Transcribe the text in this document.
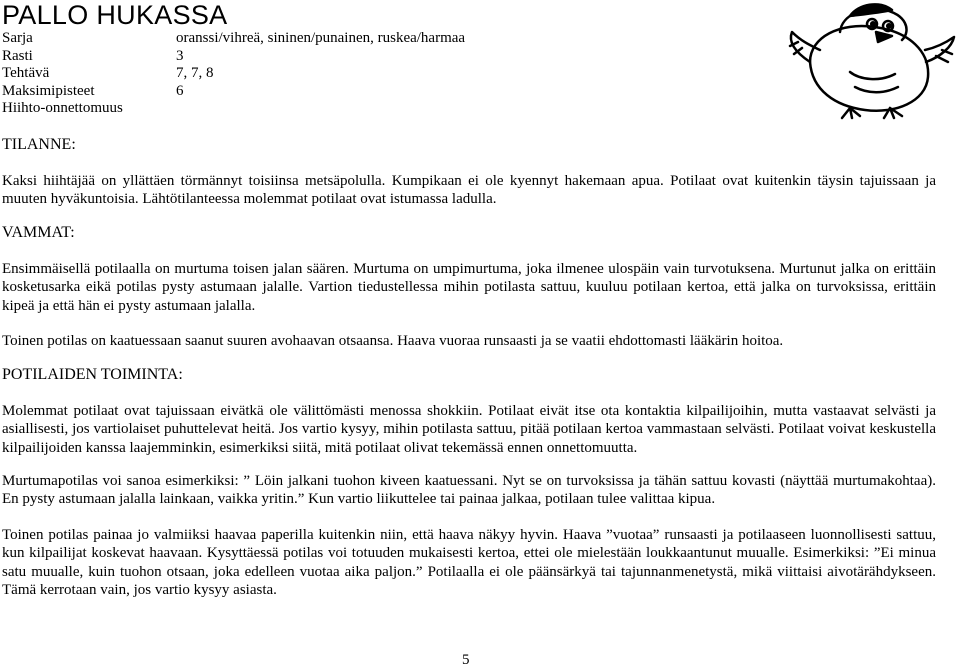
PALLO HUKASSA
Sarja	oranssi/vihreä, sininen/punainen, ruskea/harmaa
Rasti	3
Tehtävä	7, 7, 8
Maksimipisteet	6
Hiihto-onnettomuus
TILANNE:

Kaksi hiihtäjää on yllättäen törmännyt toisiinsa metsäpolulla. Kumpikaan ei ole kyennyt hakemaan apua. Potilaat ovat kuitenkin täysin tajuissaan ja muuten hyväkuntoisia. Lähtötilanteessa molemmat potilaat ovat istumassa ladulla.

VAMMAT:

Ensimmäisellä potilaalla on murtuma toisen jalan säären. Murtuma on umpimurtuma, joka ilmenee ulospäin vain turvotuksena. Murtunut jalka on erittäin kosketusarka eikä potilas pysty astumaan jalalle. Vartion tiedustellessa mihin potilasta sattuu, kuuluu potilaan kertoa, että jalka on turvoksissa, erittäin kipeä ja että hän ei pysty astumaan jalalla.

Toinen potilas on kaatuessaan saanut suuren avohaavan otsaansa. Haava vuoraa runsaasti ja se vaatii ehdottomasti lääkärin hoitoa.

POTILAIDEN TOIMINTA:

Molemmat potilaat ovat tajuissaan eivätkä ole välittömästi menossa shokkiin. Potilaat eivät itse ota kontaktia kilpailijoihin, mutta vastaavat selvästi ja asiallisesti, jos vartiolaiset puhuttelevat heitä. Jos vartio kysyy, mihin potilasta sattuu, pitää potilaan kertoa vammastaan selvästi. Potilaat voivat keskustella kilpailijoiden kanssa laajemminkin, esimerkiksi siitä, mitä potilaat olivat tekemässä ennen onnettomuutta.

Murtumapotilas voi sanoa esimerkiksi: ” Löin jalkani tuohon kiveen kaatuessani. Nyt se on turvoksissa ja tähän sattuu kovasti (näyttää murtumakohtaa). En pysty astumaan jalalla lainkaan, vaikka yritin.” Kun vartio liikuttelee tai painaa jalkaa, potilaan tulee valittaa kipua.

Toinen potilas painaa jo valmiiksi haavaa paperilla kuitenkin niin, että haava näkyy hyvin. Haava ”vuotaa” runsaasti ja potilaaseen luonnollisesti sattuu, kun kilpailijat koskevat haavaan. Kysyttäessä potilas voi totuuden mukaisesti kertoa, ettei ole mielestään loukkaantunut muualle. Esimerkiksi: ”Ei minua satu muualle, kuin tuohon otsaan, joka edelleen vuotaa aika paljon.” Potilaalla ei ole päänsärkyä tai tajunnanmenetystä, mikä viittaisi aivotärähdykseen. Tämä kerrotaan vain, jos vartio kysyy asiasta.

5
